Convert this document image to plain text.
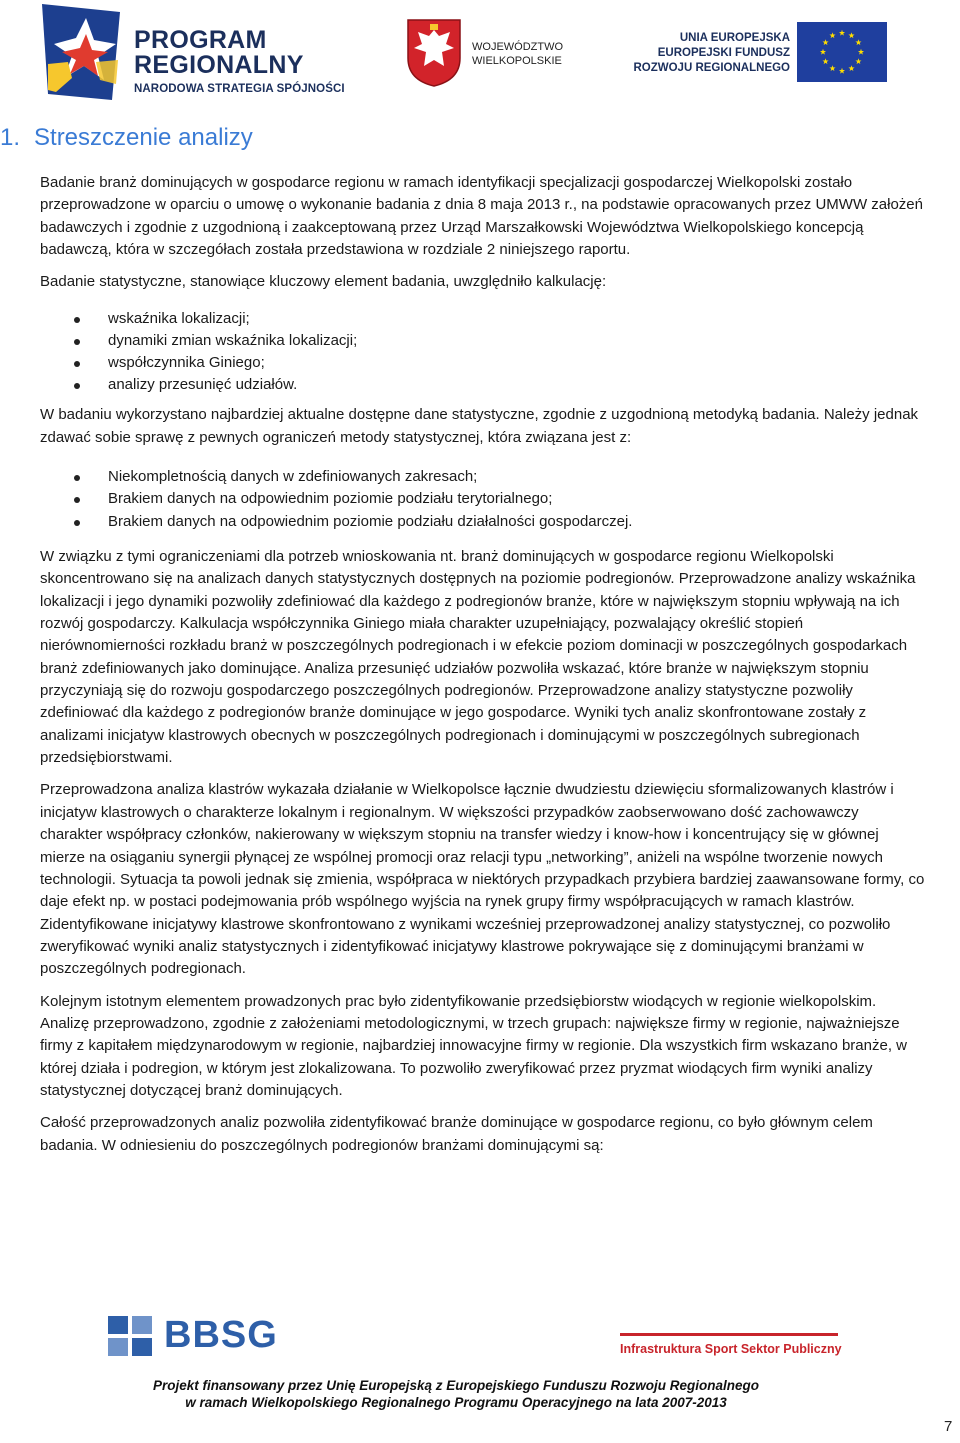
PROGRAM
REGIONALNY
NARODOWA STRATEGIA SPÓJNOŚCI
WOJEWÓDZTWO
WIELKOPOLSKIE
UNIA EUROPEJSKA
EUROPEJSKI FUNDUSZ
ROZWOJU REGIONALNEGO
1. Streszczenie analizy

Badanie branż dominujących w gospodarce regionu w ramach identyfikacji specjalizacji gospodarczej Wielkopolski zostało przeprowadzone w oparciu o umowę o wykonanie badania z dnia 8 maja 2013 r., na podstawie opracowanych przez UMWW założeń badawczych i zgodnie z uzgodnioną i zaakceptowaną przez Urząd Marszałkowski Województwa Wielkopolskiego koncepcją badawczą, która w szczegółach została przedstawiona w rozdziale 2 niniejszego raportu.

Badanie statystyczne, stanowiące kluczowy element badania, uwzględniło kalkulację:

wskaźnika lokalizacji;
dynamiki zmian wskaźnika lokalizacji;
współczynnika Giniego;
analizy przesunięć udziałów.

W badaniu wykorzystano najbardziej aktualne dostępne dane statystyczne, zgodnie z uzgodnioną metodyką badania. Należy jednak zdawać sobie sprawę z pewnych ograniczeń metody statystycznej, która związana jest z:

Niekompletnością danych w zdefiniowanych zakresach;
Brakiem danych na odpowiednim poziomie podziału terytorialnego;
Brakiem danych na odpowiednim poziomie podziału działalności gospodarczej.

W związku z tymi ograniczeniami dla potrzeb wnioskowania nt. branż dominujących w gospodarce regionu Wielkopolski skoncentrowano się na analizach danych statystycznych dostępnych na poziomie podregionów. Przeprowadzone analizy wskaźnika lokalizacji i jego dynamiki pozwoliły zdefiniować dla każdego z podregionów branże, które w największym stopniu wpływają na ich rozwój gospodarczy. Kalkulacja współczynnika Giniego miała charakter uzupełniający, pozwalający określić stopień nierównomierności rozkładu branż w poszczególnych podregionach i w efekcie poziom dominacji w poszczególnych gospodarkach branż zdefiniowanych jako dominujące. Analiza przesunięć udziałów pozwoliła wskazać, które branże w największym stopniu przyczyniają się do rozwoju gospodarczego poszczególnych podregionów. Przeprowadzone analizy statystyczne pozwoliły zdefiniować dla każdego z podregionów branże dominujące w jego gospodarce. Wyniki tych analiz skonfrontowane zostały z analizami inicjatyw klastrowych obecnych w poszczególnych podregionach i dominującymi w poszczególnych subregionach przedsiębiorstwami.

Przeprowadzona analiza klastrów wykazała działanie w Wielkopolsce łącznie dwudziestu dziewięciu sformalizowanych klastrów i inicjatyw klastrowych o charakterze lokalnym i regionalnym. W większości przypadków zaobserwowano dość zachowawczy charakter współpracy członków, nakierowany w większym stopniu na transfer wiedzy i know-how i koncentrujący się w głównej mierze na osiąganiu synergii płynącej ze wspólnej promocji oraz relacji typu „networking”, aniżeli na wspólne tworzenie nowych technologii. Sytuacja ta powoli jednak się zmienia, współpraca w niektórych przypadkach przybiera bardziej zaawansowane formy, co daje efekt np. w postaci podejmowania prób wspólnego wyjścia na rynek grupy firmy współpracujących w ramach klastrów. Zidentyfikowane inicjatywy klastrowe skonfrontowano z wynikami wcześniej przeprowadzonej analizy statystycznej, co pozwoliło zweryfikować wyniki analiz statystycznych i zidentyfikować inicjatywy klastrowe pokrywające się z dominującymi branżami w poszczególnych podregionach.

Kolejnym istotnym elementem prowadzonych prac było zidentyfikowanie przedsiębiorstw wiodących w regionie wielkopolskim. Analizę przeprowadzono, zgodnie z założeniami metodologicznymi, w trzech grupach: największe firmy w regionie, najważniejsze firmy z kapitałem międzynarodowym w regionie, najbardziej innowacyjne firmy w regionie. Dla wszystkich firm wskazano branże, w której działa i podregion, w którym jest zlokalizowana. To pozwoliło zweryfikować przez pryzmat wiodących firm wyniki analizy statystycznej dotyczącej branż dominujących.

Całość przeprowadzonych analiz pozwoliła zidentyfikować branże dominujące w gospodarce regionu, co było głównym celem badania. W odniesieniu do poszczególnych podregionów branżami dominującymi są:

BBSG	Infrastruktura Sport Sektor Publiczny
Projekt finansowany przez Unię Europejską z Europejskiego Funduszu Rozwoju Regionalnego
w ramach Wielkopolskiego Regionalnego Programu Operacyjnego na lata 2007-2013
7
